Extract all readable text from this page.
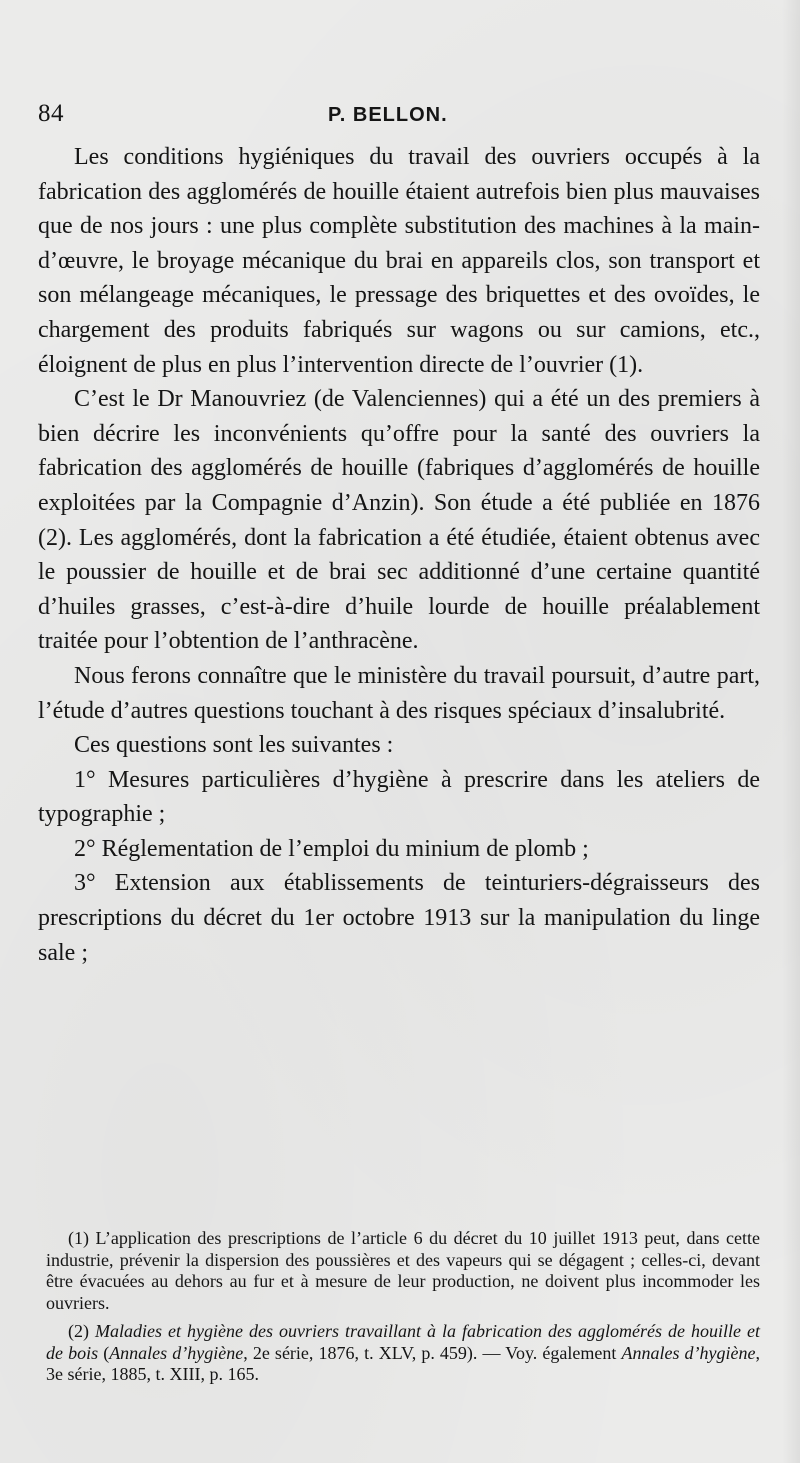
84	P. BELLON.

Les conditions hygiéniques du travail des ouvriers occupés à la fabrication des agglomérés de houille étaient autrefois bien plus mauvaises que de nos jours : une plus complète substitution des machines à la main-d’œuvre, le broyage mécanique du brai en appareils clos, son transport et son mélangeage mécaniques, le pressage des briquettes et des ovoïdes, le chargement des produits fabriqués sur wagons ou sur camions, etc., éloignent de plus en plus l’intervention directe de l’ouvrier (1).

C’est le Dr Manouvriez (de Valenciennes) qui a été un des premiers à bien décrire les inconvénients qu’offre pour la santé des ouvriers la fabrication des agglomérés de houille (fabriques d’agglomérés de houille exploitées par la Compagnie d’Anzin). Son étude a été publiée en 1876 (2). Les agglomérés, dont la fabrication a été étudiée, étaient obtenus avec le poussier de houille et de brai sec additionné d’une certaine quantité d’huiles grasses, c’est-à-dire d’huile lourde de houille préalablement traitée pour l’obtention de l’anthracène.

Nous ferons connaître que le ministère du travail poursuit, d’autre part, l’étude d’autres questions touchant à des risques spéciaux d’insalubrité.

Ces questions sont les suivantes :

1° Mesures particulières d’hygiène à prescrire dans les ateliers de typographie ;

2° Réglementation de l’emploi du minium de plomb ;

3° Extension aux établissements de teinturiers-dégraisseurs des prescriptions du décret du 1er octobre 1913 sur la manipulation du linge sale ;

(1) L’application des prescriptions de l’article 6 du décret du 10 juillet 1913 peut, dans cette industrie, prévenir la dispersion des poussières et des vapeurs qui se dégagent ; celles-ci, devant être évacuées au dehors au fur et à mesure de leur production, ne doivent plus incommoder les ouvriers.

(2) Maladies et hygiène des ouvriers travaillant à la fabrication des agglomérés de houille et de bois (Annales d’hygiène, 2e série, 1876, t. XLV, p. 459). — Voy. également Annales d’hygiène, 3e série, 1885, t. XIII, p. 165.
